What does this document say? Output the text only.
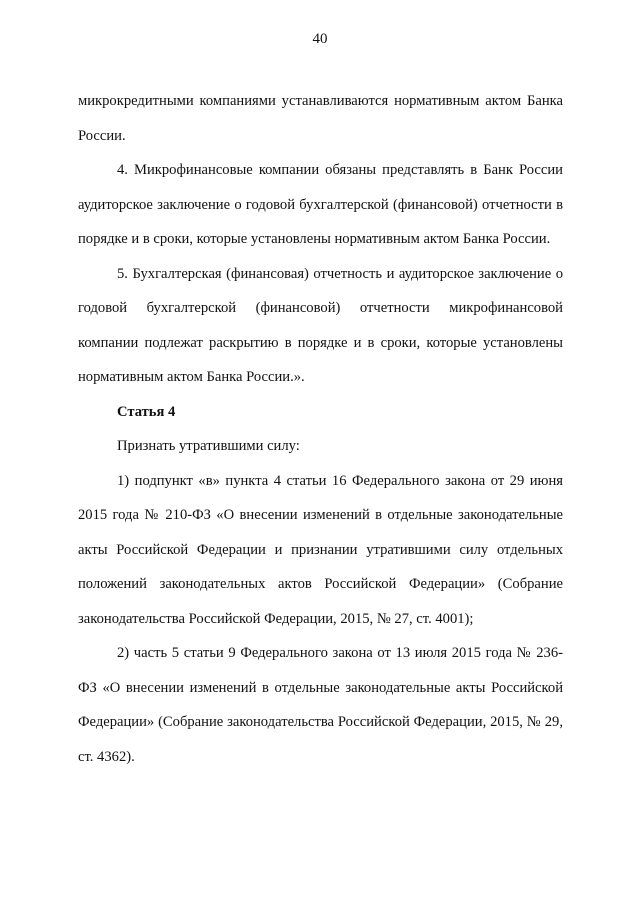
40

микрокредитными компаниями устанавливаются нормативным актом Банка России.

4. Микрофинансовые компании обязаны представлять в Банк России аудиторское заключение о годовой бухгалтерской (финансовой) отчетности в порядке и в сроки, которые установлены нормативным актом Банка России.

5. Бухгалтерская (финансовая) отчетность и аудиторское заключение о годовой бухгалтерской (финансовой) отчетности микрофинансовой компании подлежат раскрытию в порядке и в сроки, которые установлены нормативным актом Банка России.».

Статья 4

Признать утратившими силу:

1) подпункт «в» пункта 4 статьи 16 Федерального закона от 29 июня 2015 года № 210-ФЗ «О внесении изменений в отдельные законодательные акты Российской Федерации и признании утратившими силу отдельных положений законодательных актов Российской Федерации» (Собрание законодательства Российской Федерации, 2015, № 27, ст. 4001);

2) часть 5 статьи 9 Федерального закона от 13 июля 2015 года № 236-ФЗ «О внесении изменений в отдельные законодательные акты Российской Федерации» (Собрание законодательства Российской Федерации, 2015, № 29, ст. 4362).
